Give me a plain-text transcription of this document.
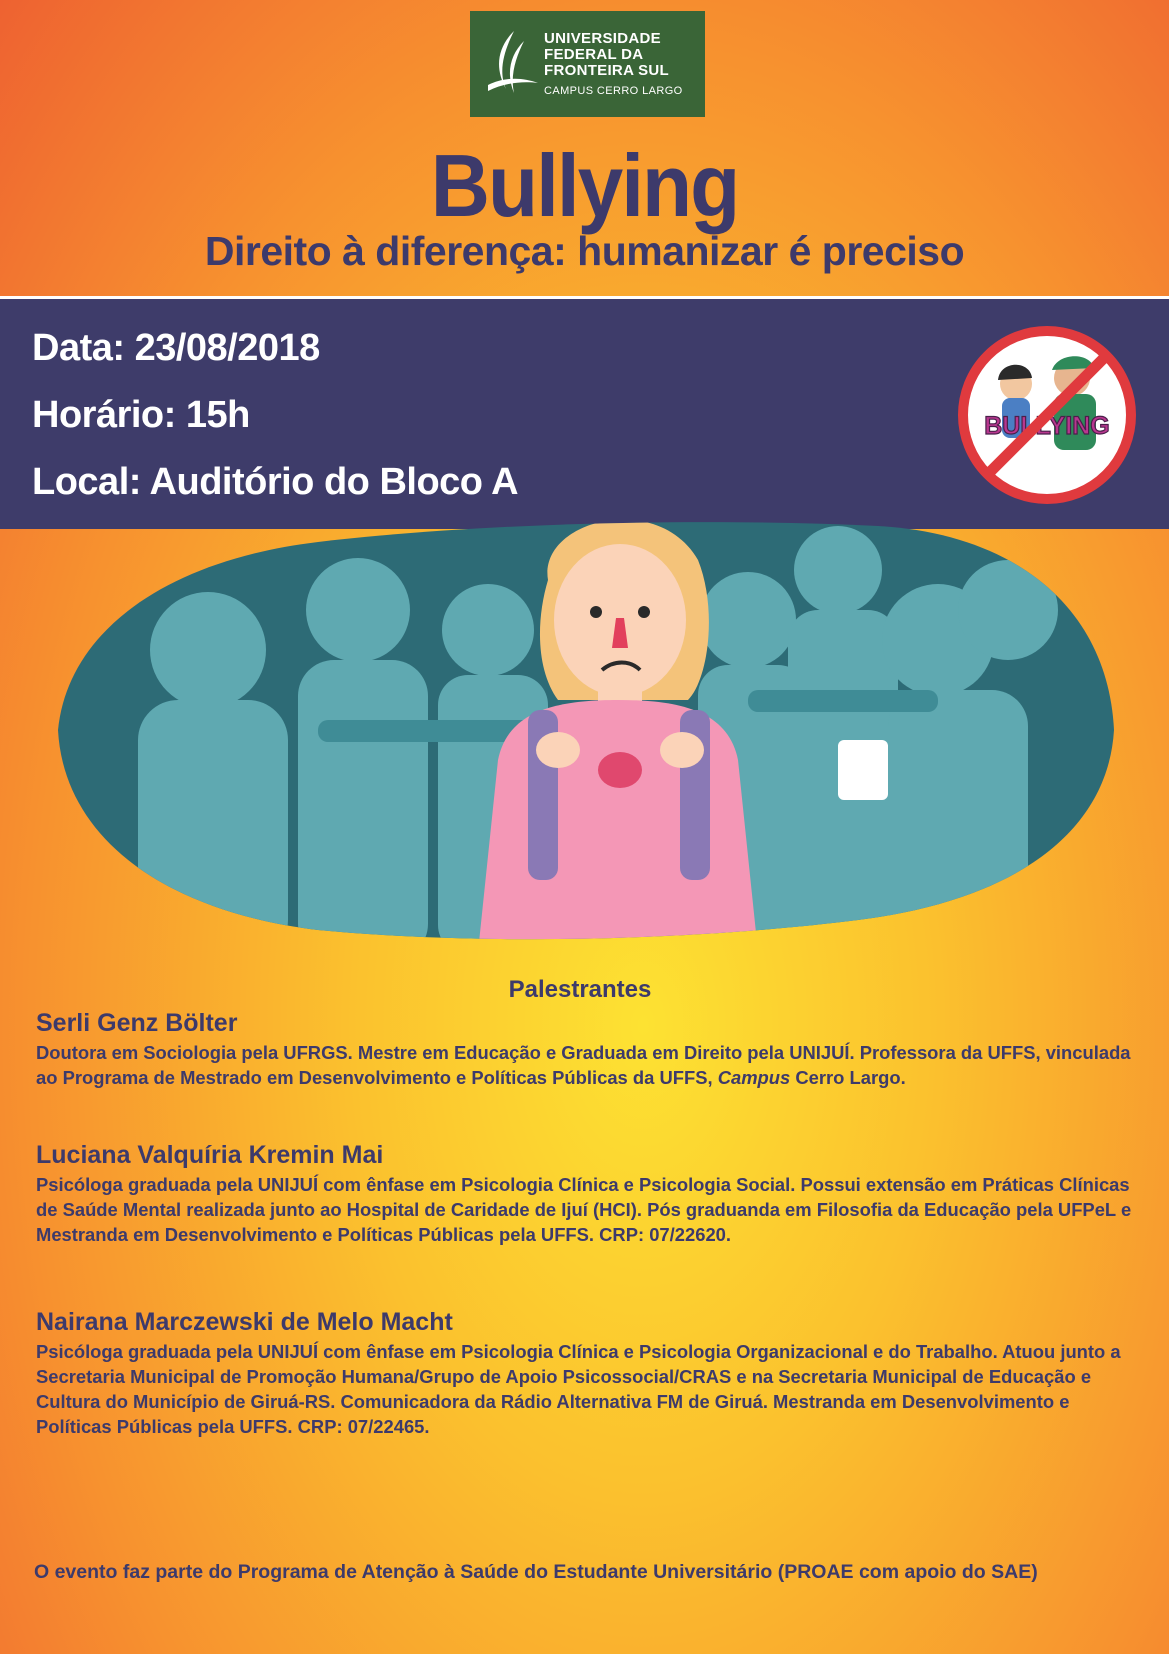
UNIVERSIDADE
FEDERAL DA
FRONTEIRA SUL
CAMPUS CERRO LARGO
Bullying
Direito à diferença: humanizar é preciso
Data: 23/08/2018
Horário: 15h
Local: Auditório do Bloco A
BULLYING
Palestrantes
Serli Genz Bölter
Doutora em Sociologia pela UFRGS. Mestre em Educação e Graduada em Direito pela UNIJUÍ. Professora da UFFS, vinculada ao Programa de Mestrado em Desenvolvimento e Políticas Públicas da UFFS, Campus Cerro Largo.
Luciana Valquíria Kremin Mai
Psicóloga graduada pela UNIJUÍ com ênfase em Psicologia Clínica e Psicologia Social. Possui extensão em Práticas Clínicas de Saúde Mental realizada junto ao Hospital de Caridade de Ijuí (HCI). Pós graduanda em Filosofia da Educação pela UFPeL e Mestranda em Desenvolvimento e Políticas Públicas pela UFFS. CRP: 07/22620.
Nairana Marczewski de Melo Macht
Psicóloga graduada pela UNIJUÍ com ênfase em Psicologia Clínica e Psicologia Organizacional e do Trabalho. Atuou junto a Secretaria Municipal de Promoção Humana/Grupo de Apoio Psicossocial/CRAS e na Secretaria Municipal de Educação e Cultura do Município de Giruá-RS. Comunicadora da Rádio Alternativa FM de Giruá. Mestranda em Desenvolvimento e Políticas Públicas pela UFFS. CRP: 07/22465.
O evento faz parte do Programa de Atenção à Saúde do Estudante Universitário (PROAE com apoio do SAE)
